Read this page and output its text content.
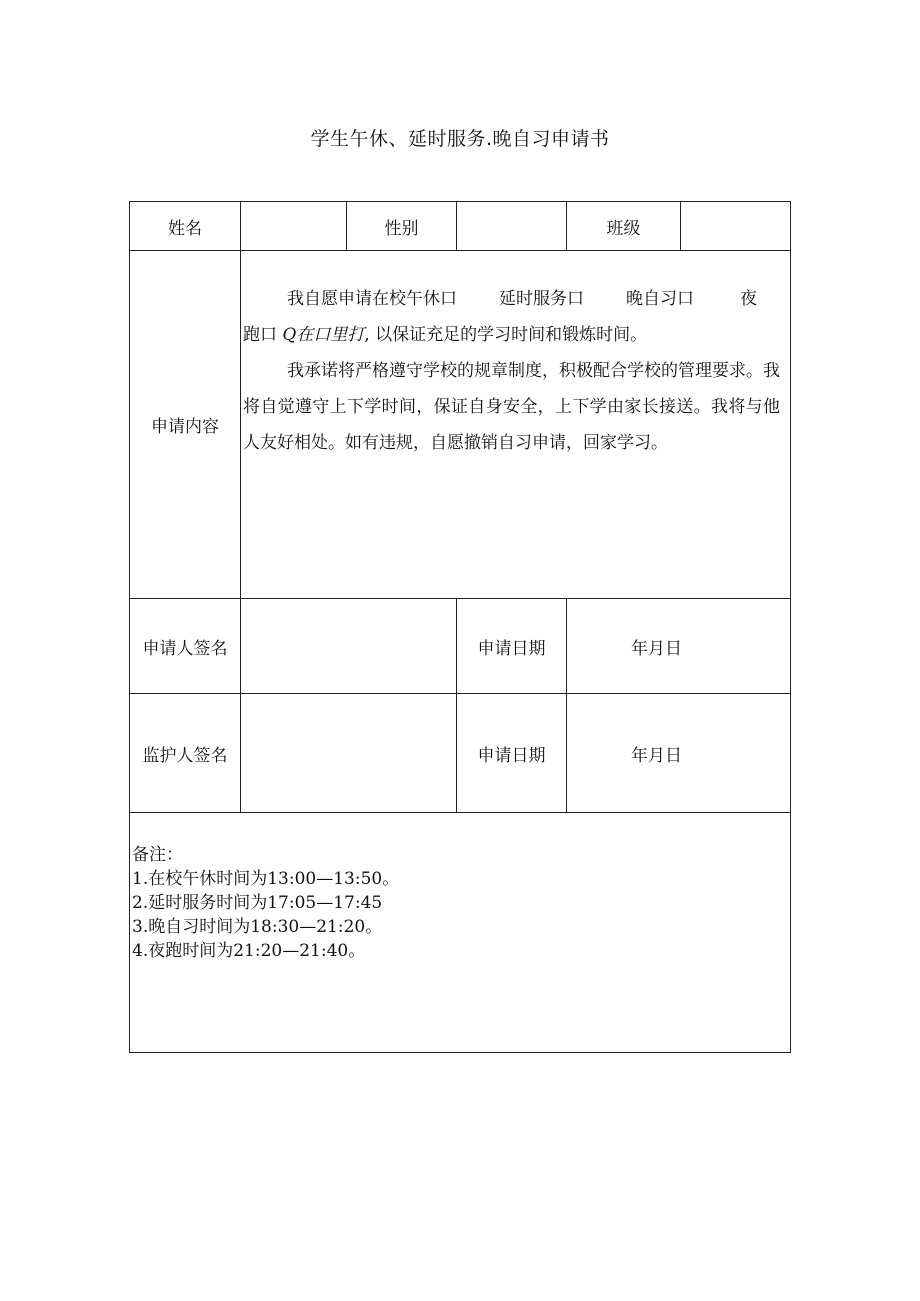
学生午休、延时服务.晚自习申请书
姓名		性别		班级	
申请内容	我自愿申请在校午休口 延时服务口 晚自习口 夜

跑口 Q在口里打, 以保证充足的学习时间和锻炼时间。

我承诺将严格遵守学校的规章制度，积极配合学校的管理要求。我将自觉遵守上下学时间，保证自身安全，上下学由家长接送。我将与他人友好相处。如有违规，自愿撤销自习申请，回家学习。				

申请人签名			申请日期	年月日	
监护人签名			申请日期	年月日	

备注：
1.在校午休时间为13:00—13:50。
2.延时服务时间为17:05—17:45
3.晚自习时间为18:30—21:20。
4.夜跑时间为21:20—21:40。					
